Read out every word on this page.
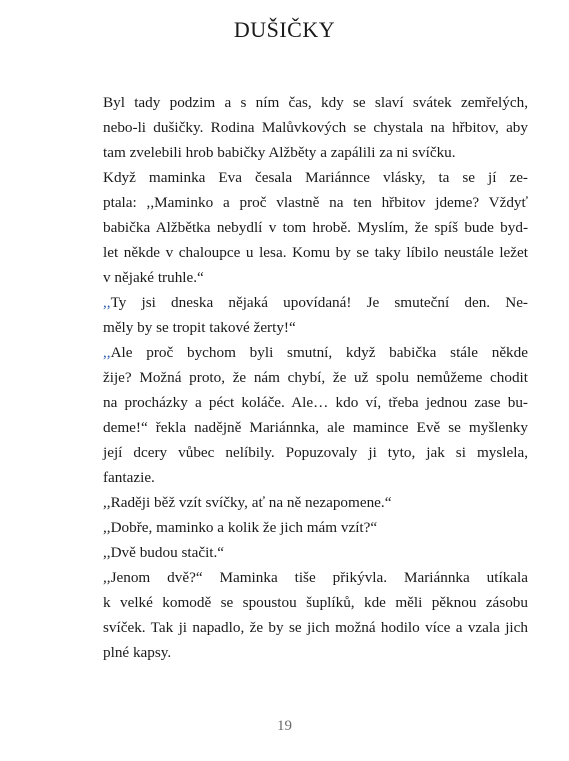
DUŠIČKY

Byl tady podzim a s ním čas, kdy se slaví svátek zemřelých,
nebo-li dušičky. Rodina Malůvkových se chystala na hřbitov, aby
tam zvelebili hrob babičky Alžběty a zapálili za ni svíčku.

Když maminka Eva česala Mariánnce vlásky, ta se jí ze-
ptala: ,,Maminko a proč vlastně na ten hřbitov jdeme? Vždyť
babička Alžbětka nebydlí v tom hrobě. Myslím, že spíš bude byd-
let někde v chaloupce u lesa. Komu by se taky líbilo neustále ležet
v nějaké truhle.“

,,Ty jsi dneska nějaká upovídaná! Je smuteční den. Ne-
měly by se tropit takové žerty!“

,,Ale proč bychom byli smutní, když babička stále někde
žije? Možná proto, že nám chybí, že už spolu nemůžeme chodit
na procházky a péct koláče. Ale… kdo ví, třeba jednou zase bu-
deme!“ řekla nadějně Mariánnka, ale mamince Evě se myšlenky
její dcery vůbec nelíbily. Popuzovaly ji tyto, jak si myslela,
fantazie.

,,Raději běž vzít svíčky, ať na ně nezapomene.“

,,Dobře, maminko a kolik že jich mám vzít?“

,,Dvě budou stačit.“

,,Jenom dvě?“ Maminka tiše přikývla. Mariánnka utíkala
k velké komodě se spoustou šuplíků, kde měli pěknou zásobu
svíček. Tak ji napadlo, že by se jich možná hodilo více a vzala jich
plné kapsy.

19
